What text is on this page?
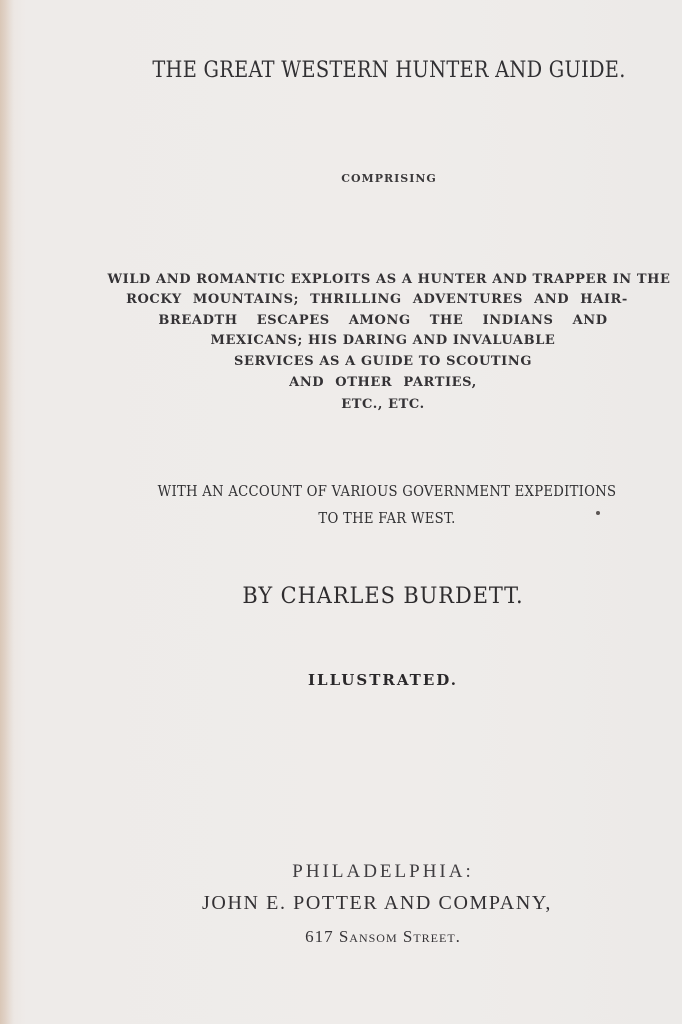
THE GREAT WESTERN HUNTER AND GUIDE.
COMPRISING
WILD AND ROMANTIC EXPLOITS AS A HUNTER AND TRAPPER IN THE
ROCKY MOUNTAINS; THRILLING ADVENTURES AND HAIR-
BREADTH ESCAPES AMONG THE INDIANS AND
MEXICANS; HIS DARING AND INVALUABLE
SERVICES AS A GUIDE TO SCOUTING
AND OTHER PARTIES,
ETC., ETC.
WITH AN ACCOUNT OF VARIOUS GOVERNMENT EXPEDITIONS
TO THE FAR WEST.
BY CHARLES BURDETT.
ILLUSTRATED.
PHILADELPHIA:
JOHN E. POTTER AND COMPANY,
617 Sansom Street.
